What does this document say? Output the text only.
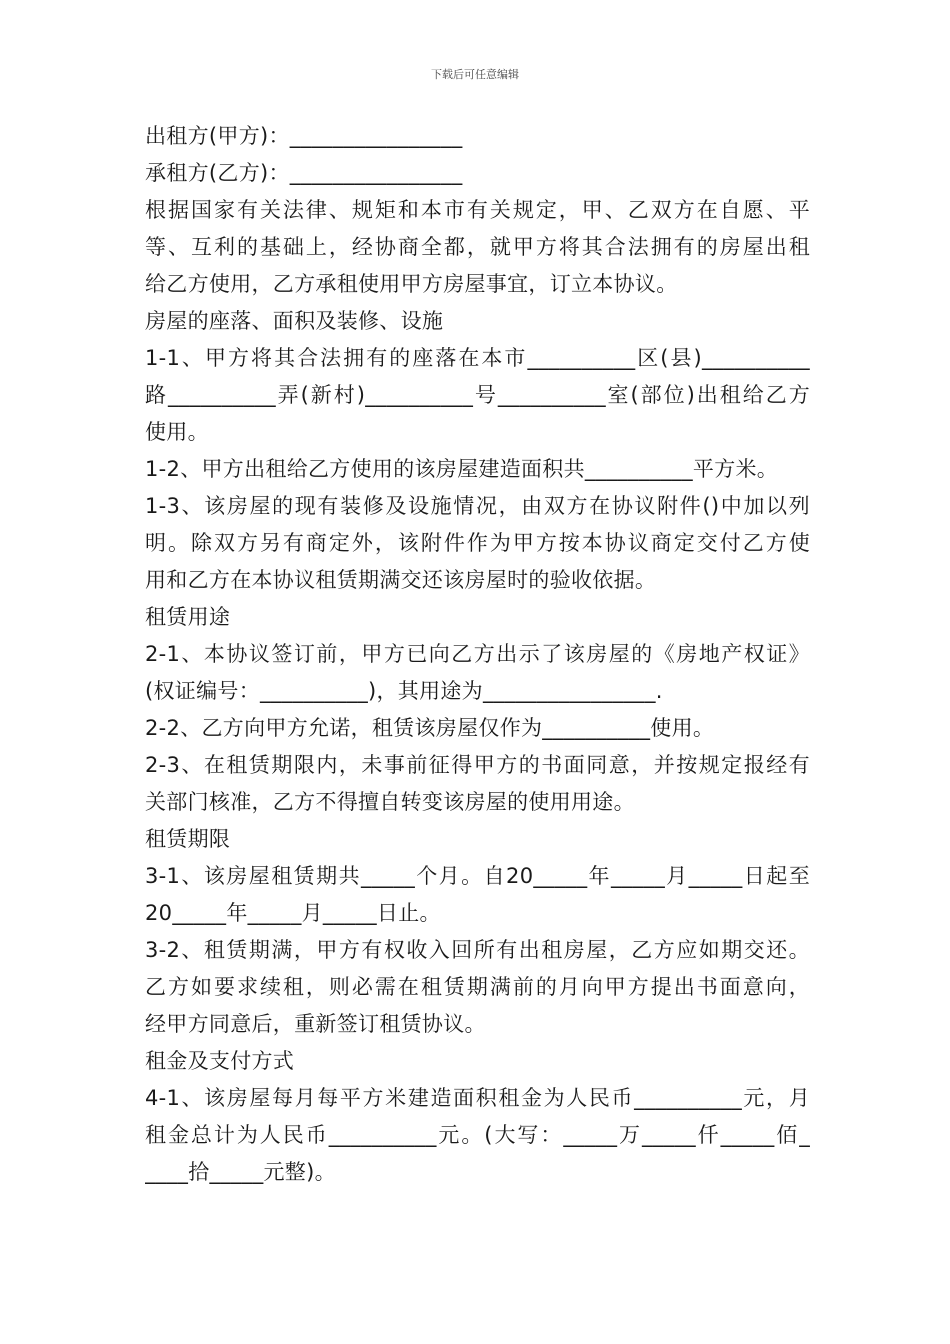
下载后可任意编辑
出租方(甲方)：________________
承租方(乙方)：________________
根据国家有关法律、规矩和本市有关规定，甲、乙双方在自愿、平
等、互利的基础上，经协商全都，就甲方将其合法拥有的房屋出租
给乙方使用，乙方承租使用甲方房屋事宜，订立本协议。
房屋的座落、面积及装修、设施
1-1、甲方将其合法拥有的座落在本市__________区(县)__________
路__________弄(新村)__________号__________室(部位)出租给乙方
使用。
1-2、甲方出租给乙方使用的该房屋建造面积共__________平方米。
1-3、该房屋的现有装修及设施情况，由双方在协议附件()中加以列
明。除双方另有商定外，该附件作为甲方按本协议商定交付乙方使
用和乙方在本协议租赁期满交还该房屋时的验收依据。
租赁用途
2-1、本协议签订前，甲方已向乙方出示了该房屋的《房地产权证》
(权证编号：__________)，其用途为________________.
2-2、乙方向甲方允诺，租赁该房屋仅作为__________使用。
2-3、在租赁期限内，未事前征得甲方的书面同意，并按规定报经有
关部门核准，乙方不得擅自转变该房屋的使用用途。
租赁期限
3-1、该房屋租赁期共_____个月。自20_____年_____月_____日起至
20_____年_____月_____日止。
3-2、租赁期满，甲方有权收入回所有出租房屋，乙方应如期交还。
乙方如要求续租，则必需在租赁期满前的月向甲方提出书面意向，
经甲方同意后，重新签订租赁协议。
租金及支付方式
4-1、该房屋每月每平方米建造面积租金为人民币__________元，月
租金总计为人民币__________元。(大写：_____万_____仟_____佰_
____拾_____元整)。
